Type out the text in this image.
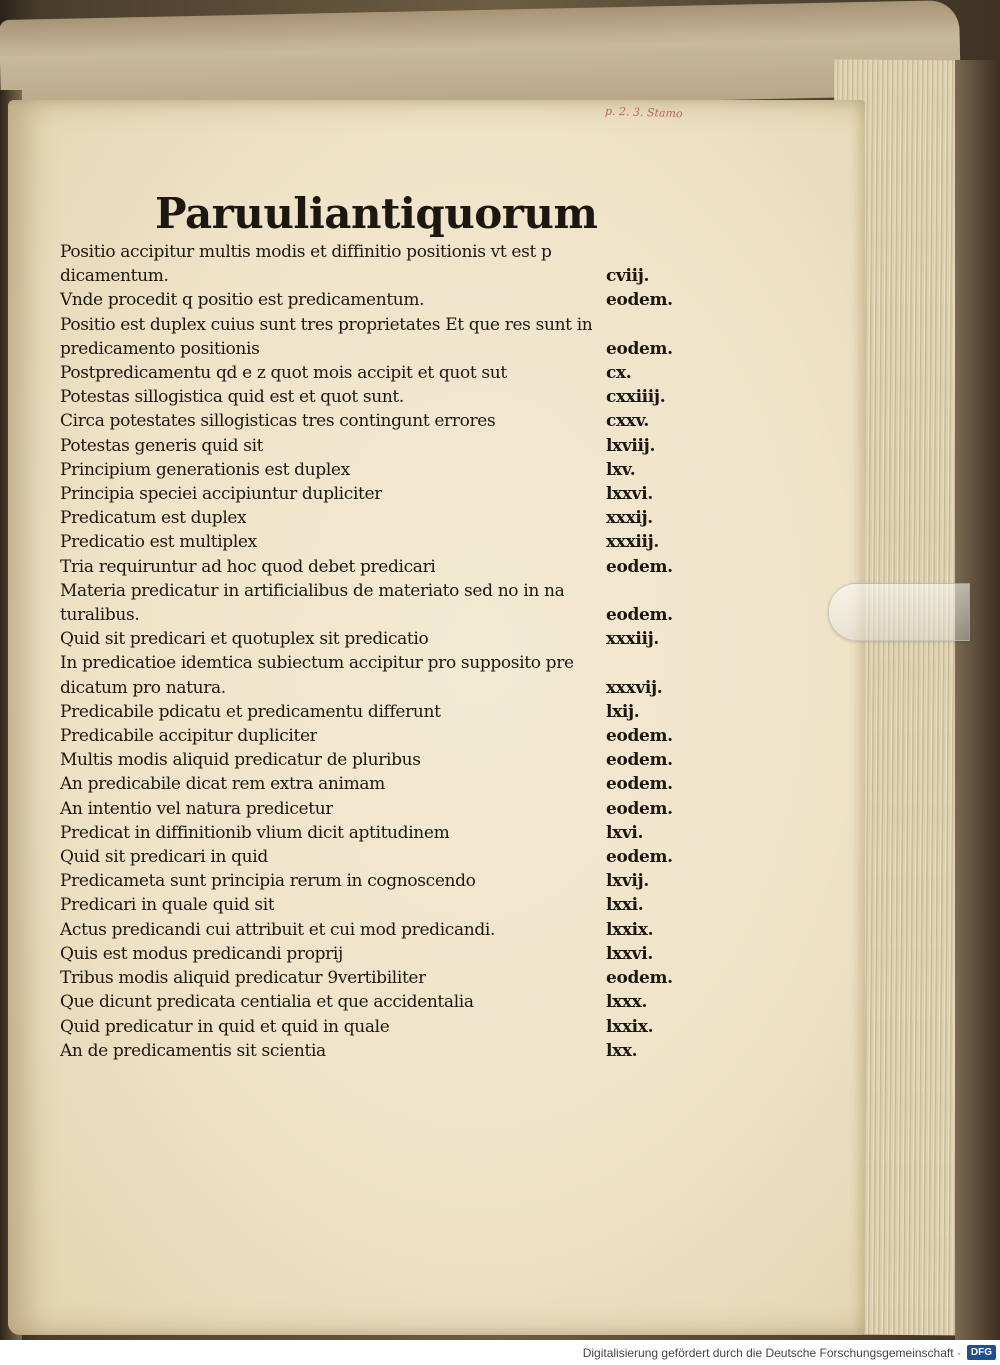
p. 2. 3. Stamo
Paruuliantiquorum
Positio accipitur multis modis et diffinitio positionis vt est p
dicamentum.	cviij.
Vnde procedit q positio est predicamentum.	eodem.
Positio est duplex cuius sunt tres proprietates Et que res sunt in
predicamento positionis	eodem.
Postpredicamentu qd e z quot mois accipit et quot sut	cx.
Potestas sillogistica quid est et quot sunt.	cxxiiij.
Circa potestates sillogisticas tres contingunt errores	cxxv.
Potestas generis quid sit	lxviij.
Principium generationis est duplex	lxv.
Principia speciei accipiuntur dupliciter	lxxvi.
Predicatum est duplex	xxxij.
Predicatio est multiplex	xxxiij.
Tria requiruntur ad hoc quod debet predicari	eodem.
Materia predicatur in artificialibus de materiato sed no in na
turalibus.	eodem.
Quid sit predicari et quotuplex sit predicatio	xxxiij.
In predicatioe idemtica subiectum accipitur pro supposito pre
dicatum pro natura.	xxxvij.
Predicabile pdicatu et predicamentu differunt	lxij.
Predicabile accipitur dupliciter	eodem.
Multis modis aliquid predicatur de pluribus	eodem.
An predicabile dicat rem extra animam	eodem.
An intentio vel natura predicetur	eodem.
Predicat in diffinitionib vlium dicit aptitudinem	lxvi.
Quid sit predicari in quid	eodem.
Predicameta sunt principia rerum in cognoscendo	lxvij.
Predicari in quale quid sit	lxxi.
Actus predicandi cui attribuit et cui mod predicandi.	lxxix.
Quis est modus predicandi proprij	lxxvi.
Tribus modis aliquid predicatur 9vertibiliter	eodem.
Que dicunt predicata centialia et que accidentalia	lxxx.
Quid predicatur in quid et quid in quale	lxxix.
An de predicamentis sit scientia	lxx.
Digitalisierung gefördert durch die Deutsche Forschungsgemeinschaft ·	DFG
